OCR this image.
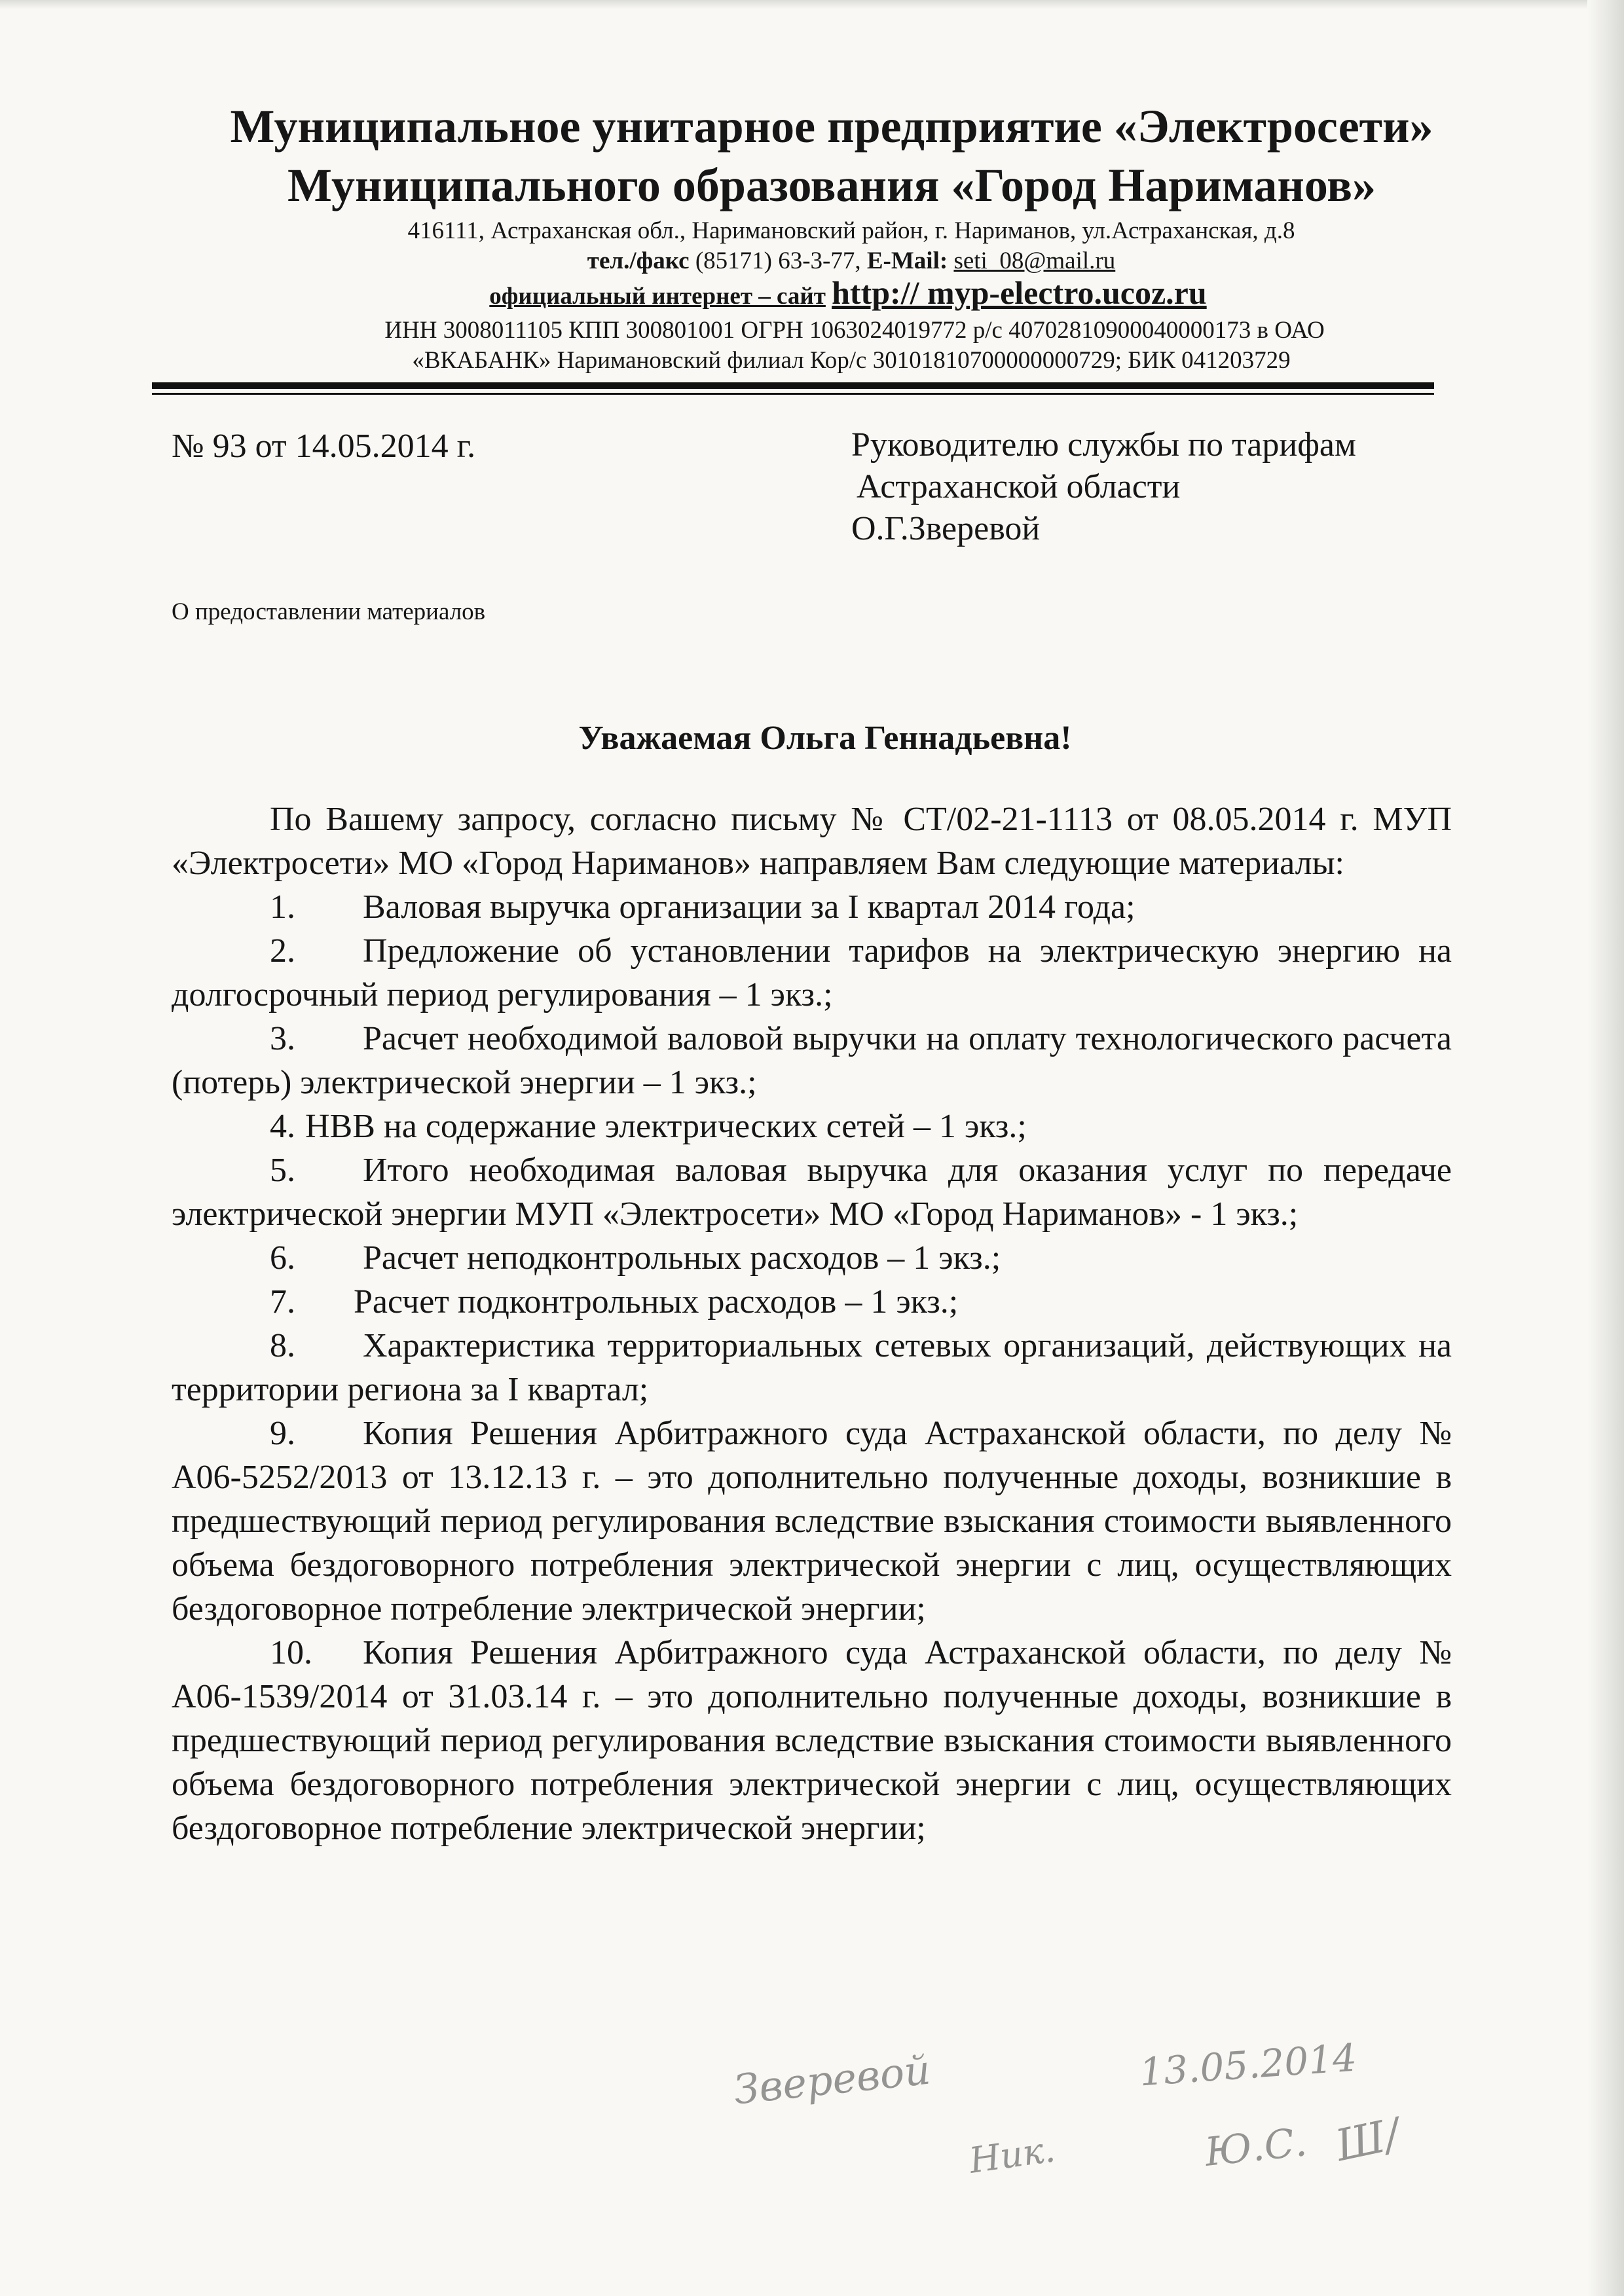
Муниципальное унитарное предприятие «Электросети»
Муниципального образования «Город Нариманов»
416111, Астраханская обл., Наримановский район, г. Нариманов, ул.Астраханская, д.8
тел./факс (85171) 63-3-77, E-Mail: seti_08@mail.ru
официальный интернет – сайт http:// myp-electro.ucoz.ru
ИНН 3008011105 КПП 300801001 ОГРН 1063024019772 р/с 40702810900040000173 в ОАО
«ВКАБАНК» Наримановский филиал Кор/с 30101810700000000729; БИК 041203729
№ 93 от 14.05.2014 г.	Руководителю службы по тарифам
Астраханской области
О.Г.Зверевой
О предоставлении материалов
Уважаемая Ольга Геннадьевна!

По Вашему запросу, согласно письму № СТ/02-21-1113 от 08.05.2014 г. МУП «Электросети» МО «Город Нариманов» направляем Вам следующие материалы:

1. Валовая выручка организации за I квартал 2014 года;

2. Предложение об установлении тарифов на электрическую энергию на долгосрочный период регулирования – 1 экз.;

3. Расчет необходимой валовой выручки на оплату технологического расчета (потерь) электрической энергии – 1 экз.;

4. НВВ на содержание электрических сетей – 1 экз.;

5. Итого необходимая валовая выручка для оказания услуг по передаче электрической энергии МУП «Электросети» МО «Город Нариманов» - 1 экз.;

6. Расчет неподконтрольных расходов – 1 экз.;

7. Расчет подконтрольных расходов – 1 экз.;

8. Характеристика территориальных сетевых организаций, действующих на территории региона за I квартал;

9. Копия Решения Арбитражного суда Астраханской области, по делу № А06-5252/2013 от 13.12.13 г. – это дополнительно полученные доходы, возникшие в предшествующий период регулирования вследствие взыскания стоимости выявленного объема бездоговорного потребления электрической энергии с лиц, осуществляющих бездоговорное потребление электрической энергии;

10. Копия Решения Арбитражного суда Астраханской области, по делу № А06-1539/2014 от 31.03.14 г. – это дополнительно полученные доходы, возникшие в предшествующий период регулирования вследствие взыскания стоимости выявленного объема бездоговорного потребления электрической энергии с лиц, осуществляющих бездоговорное потребление электрической энергии;

Зверевой	13.05.2014
Ник.	Ю.С. Ш/
